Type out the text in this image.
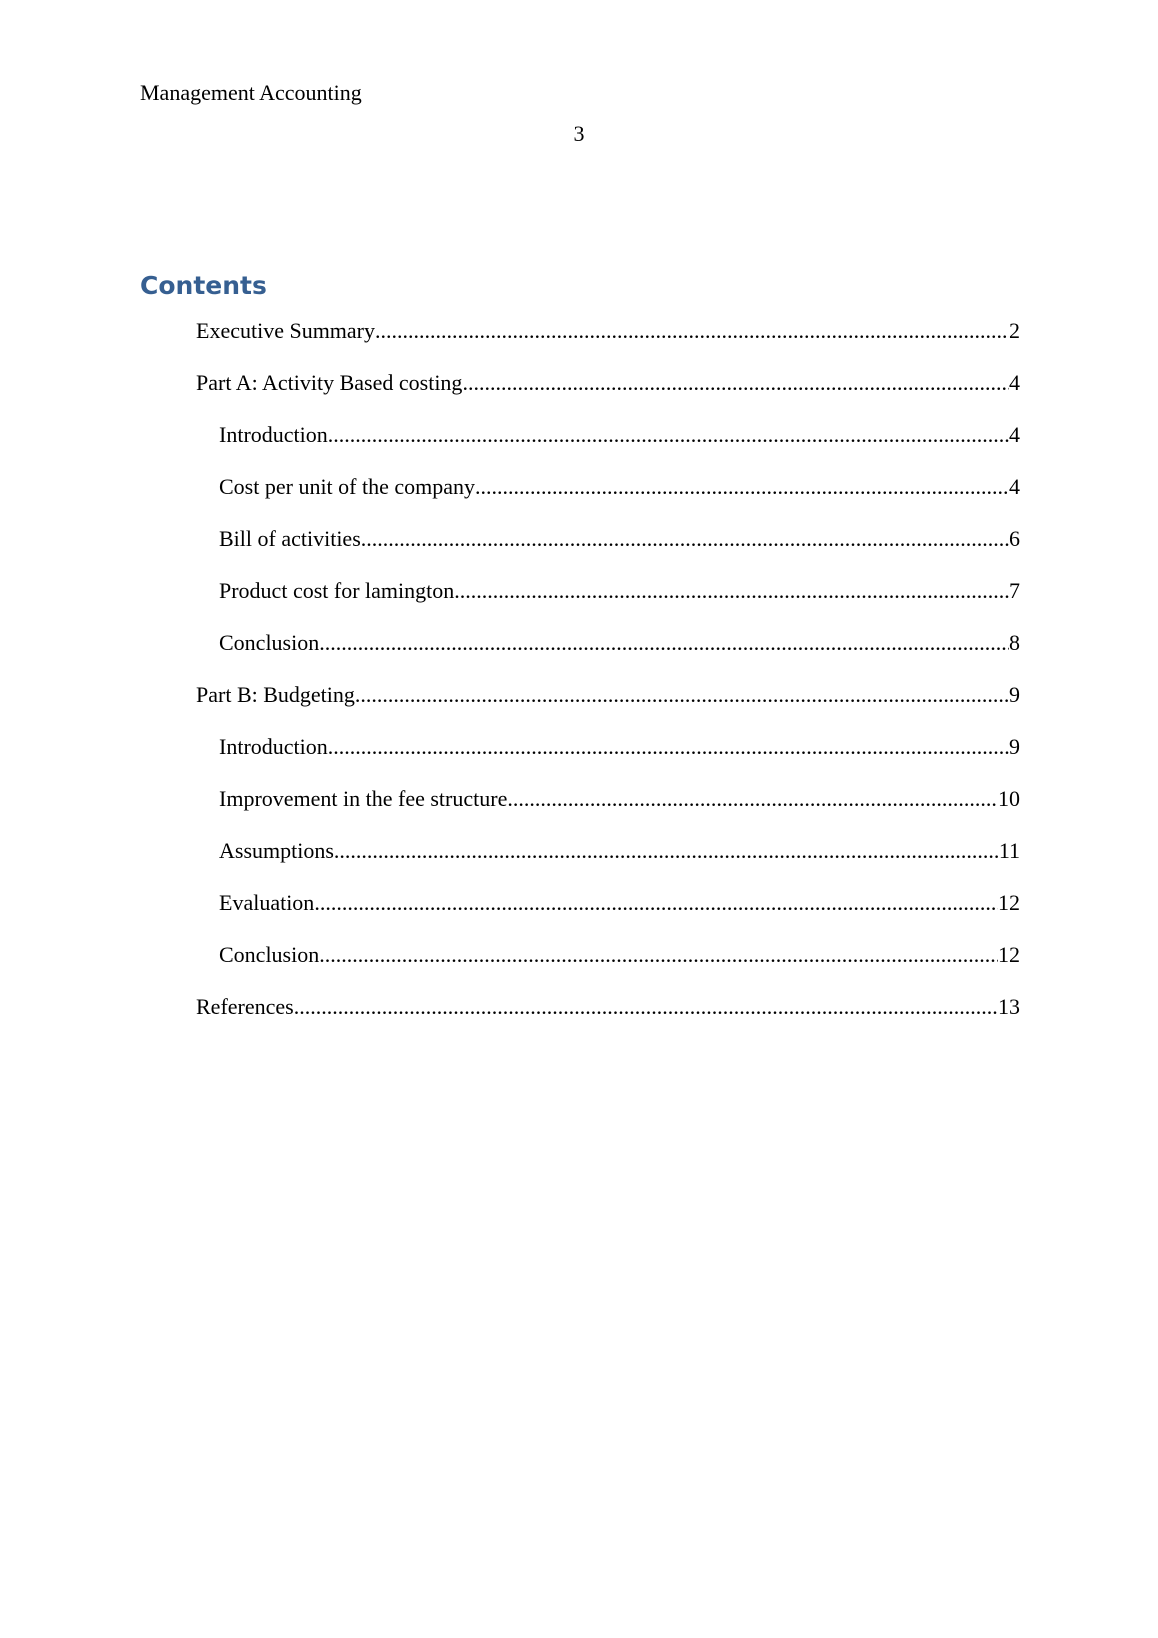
Management Accounting
3
Contents
Executive Summary .....	2
Part A: Activity Based costing .....	4
Introduction .....	4
Cost per unit of the company .....	4
Bill of activities .....	6
Product cost for lamington .....	7
Conclusion .....	8
Part B: Budgeting .....	9
Introduction .....	9
Improvement in the fee structure .....	10
Assumptions .....	11
Evaluation .....	12
Conclusion .....	12
References .....	13
